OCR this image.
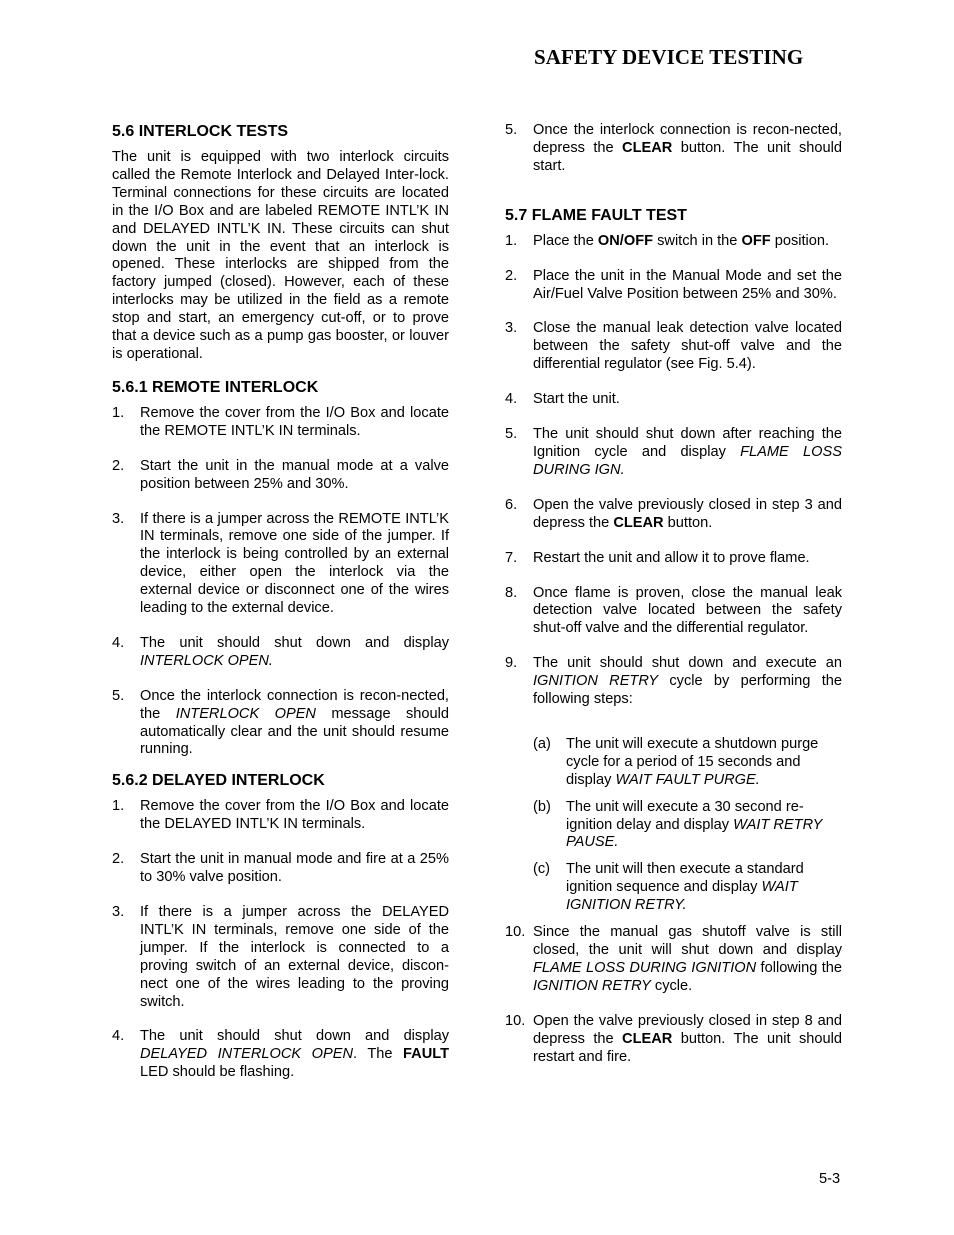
SAFETY DEVICE TESTING
5.6 INTERLOCK TESTS

The unit is equipped with two interlock circuits called the Remote Interlock and Delayed Inter-lock. Terminal connections for these circuits are located in the I/O Box and are labeled REMOTE INTL’K IN and DELAYED INTL’K IN. These circuits can shut down the unit in the event that an interlock is opened. These interlocks are shipped from the factory jumped (closed). However, each of these interlocks may be utilized in the field as a remote stop and start, an emergency cut-off, or to prove that a device such as a pump gas booster, or louver is operational.

5.6.1 REMOTE INTERLOCK
1.	Remove the cover from the I/O Box and locate the REMOTE INTL’K IN terminals.
2.	Start the unit in the manual mode at a valve position between 25% and 30%.
3.	If there is a jumper across the REMOTE INTL’K IN terminals, remove one side of the jumper. If the interlock is being controlled by an external device, either open the interlock via the external device or disconnect one of the wires leading to the external device.
4.	The unit should shut down and display INTERLOCK OPEN.
5.	Once the interlock connection is recon-nected, the INTERLOCK OPEN message should automatically clear and the unit should resume running.
5.6.2 DELAYED INTERLOCK
1.	Remove the cover from the I/O Box and locate the DELAYED INTL’K IN terminals.
2.	Start the unit in manual mode and fire at a 25% to 30% valve position.
3.	If there is a jumper across the DELAYED INTL’K IN terminals, remove one side of the jumper. If the interlock is connected to a proving switch of an external device, discon-nect one of the wires leading to the proving switch.
4.	The unit should shut down and display DELAYED INTERLOCK OPEN. The FAULT LED should be flashing.
5.	Once the interlock connection is recon-nected, depress the CLEAR button. The unit should start.
5.7 FLAME FAULT TEST
1.	Place the ON/OFF switch in the OFF position.
2.	Place the unit in the Manual Mode and set the Air/Fuel Valve Position between 25% and 30%.
3.	Close the manual leak detection valve located between the safety shut-off valve and the differential regulator (see Fig. 5.4).
4.	Start the unit.
5.	The unit should shut down after reaching the Ignition cycle and display FLAME LOSS DURING IGN.
6.	Open the valve previously closed in step 3 and depress the CLEAR button.
7.	Restart the unit and allow it to prove flame.
8.	Once flame is proven, close the manual leak detection valve located between the safety shut-off valve and the differential regulator.
9.	The unit should shut down and execute an IGNITION RETRY cycle by performing the following steps:
(a)	The unit will execute a shutdown purge cycle for a period of 15 seconds and display WAIT FAULT PURGE.
(b)	The unit will execute a 30 second re-ignition delay and display WAIT RETRY PAUSE.
(c)	The unit will then execute a standard ignition sequence and display WAIT IGNITION RETRY.
10. Since the manual gas shutoff valve is still closed, the unit will shut down and display FLAME LOSS DURING IGNITION following the IGNITION RETRY cycle.
10. Open the valve previously closed in step 8 and depress the CLEAR button. The unit should restart and fire.
5-3
